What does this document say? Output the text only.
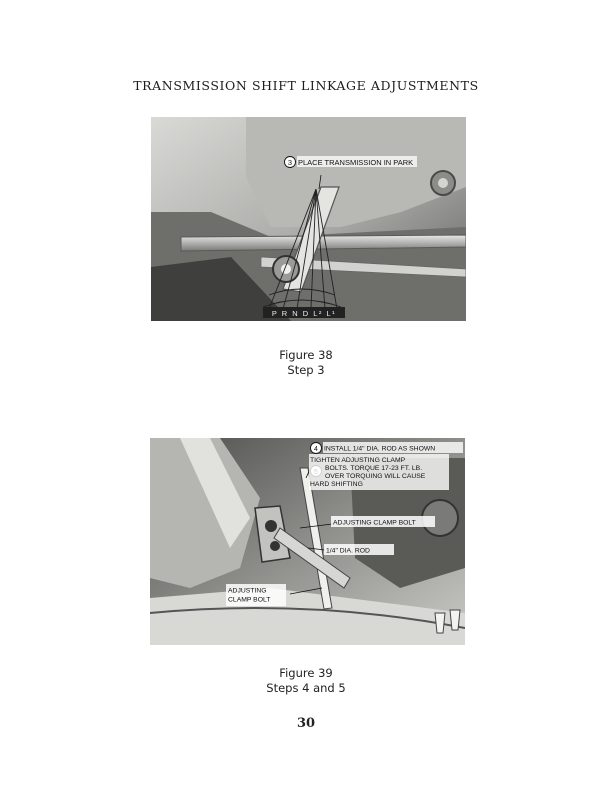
TRANSMISSION SHIFT LINKAGE ADJUSTMENTS
P R N D L² L¹
3 PLACE TRANSMISSION IN PARK
Figure 38
Step 3
4 INSTALL 1/4" DIA. ROD AS SHOWN
TIGHTEN ADJUSTING CLAMP
BOLTS. TORQUE 17-23 FT. LB.
OVER TORQUING WILL CAUSE
HARD SHIFTING
ADJUSTING CLAMP BOLT
1/4" DIA. ROD
ADJUSTING
CLAMP BOLT
Figure 39
Steps 4 and 5
30
